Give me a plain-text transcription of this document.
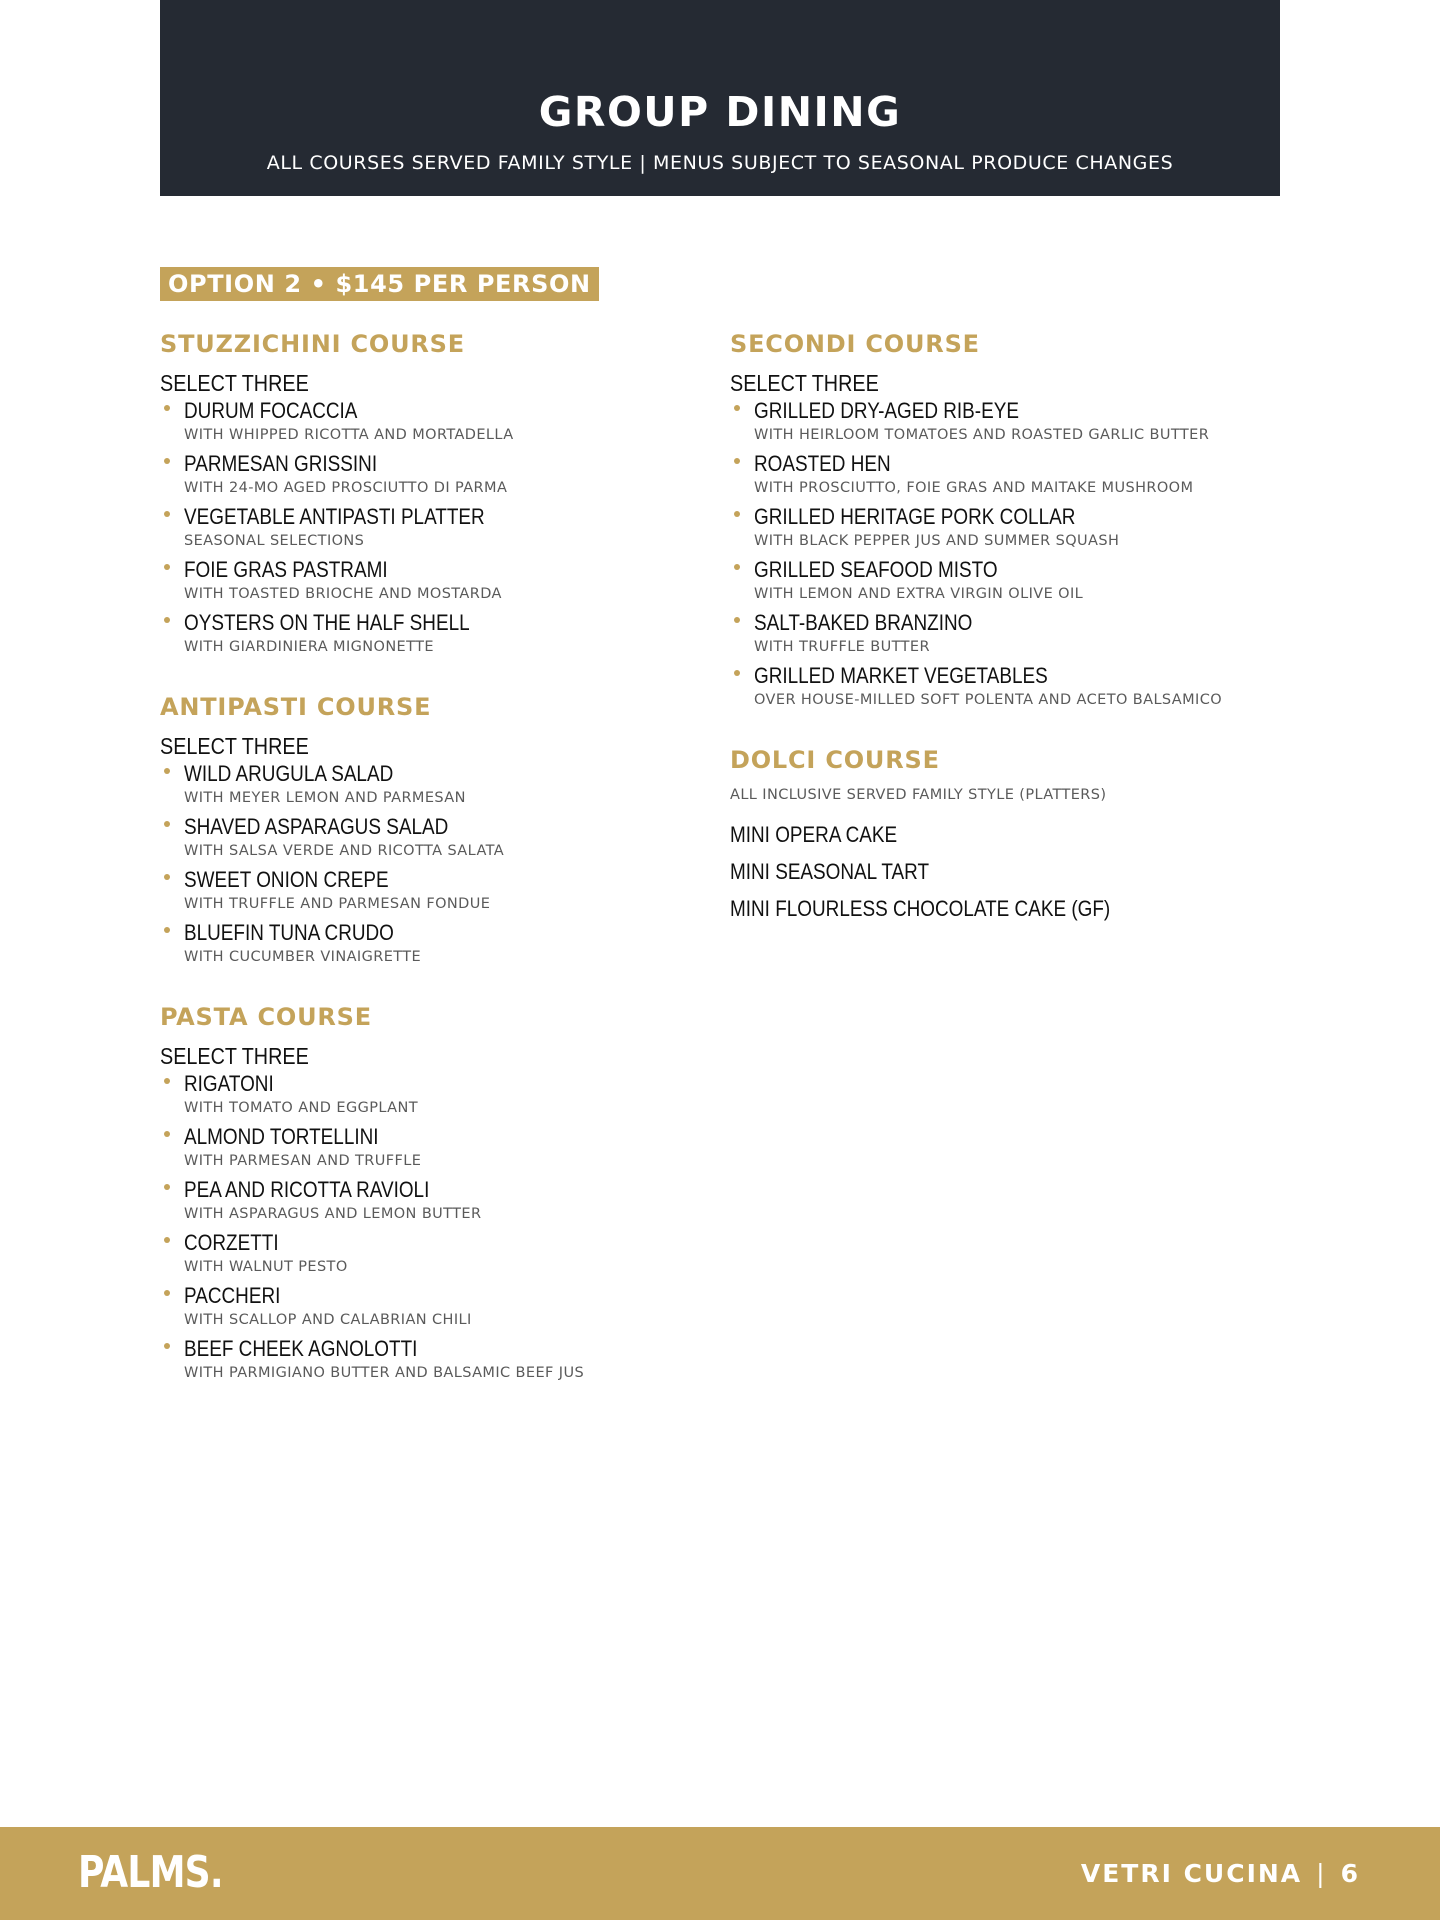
GROUP DINING
ALL COURSES SERVED FAMILY STYLE | MENUS SUBJECT TO SEASONAL PRODUCE CHANGES
OPTION 2 • $145 PER PERSON
STUZZICHINI COURSE
SELECT THREE
DURUM FOCACCIA
WITH WHIPPED RICOTTA AND MORTADELLA
PARMESAN GRISSINI
WITH 24-MO AGED PROSCIUTTO DI PARMA
VEGETABLE ANTIPASTI PLATTER
SEASONAL SELECTIONS
FOIE GRAS PASTRAMI
WITH TOASTED BRIOCHE AND MOSTARDA
OYSTERS ON THE HALF SHELL
WITH GIARDINIERA MIGNONETTE
ANTIPASTI COURSE
SELECT THREE
WILD ARUGULA SALAD
WITH MEYER LEMON AND PARMESAN
SHAVED ASPARAGUS SALAD
WITH SALSA VERDE AND RICOTTA SALATA
SWEET ONION CREPE
WITH TRUFFLE AND PARMESAN FONDUE
BLUEFIN TUNA CRUDO
WITH CUCUMBER VINAIGRETTE
PASTA COURSE
SELECT THREE
RIGATONI
WITH TOMATO AND EGGPLANT
ALMOND TORTELLINI
WITH PARMESAN AND TRUFFLE
PEA AND RICOTTA RAVIOLI
WITH ASPARAGUS AND LEMON BUTTER
CORZETTI
WITH WALNUT PESTO
PACCHERI
WITH SCALLOP AND CALABRIAN CHILI
BEEF CHEEK AGNOLOTTI
WITH PARMIGIANO BUTTER AND BALSAMIC BEEF JUS
SECONDI COURSE
SELECT THREE
GRILLED DRY-AGED RIB-EYE
WITH HEIRLOOM TOMATOES AND ROASTED GARLIC BUTTER
ROASTED HEN
WITH PROSCIUTTO, FOIE GRAS AND MAITAKE MUSHROOM
GRILLED HERITAGE PORK COLLAR
WITH BLACK PEPPER JUS AND SUMMER SQUASH
GRILLED SEAFOOD MISTO
WITH LEMON AND EXTRA VIRGIN OLIVE OIL
SALT-BAKED BRANZINO
WITH TRUFFLE BUTTER
GRILLED MARKET VEGETABLES
OVER HOUSE-MILLED SOFT POLENTA AND ACETO BALSAMICO
DOLCI COURSE
ALL INCLUSIVE SERVED FAMILY STYLE (PLATTERS)
MINI OPERA CAKE
MINI SEASONAL TART
MINI FLOURLESS CHOCOLATE CAKE (GF)
PALMS.	VETRI CUCINA | 6
